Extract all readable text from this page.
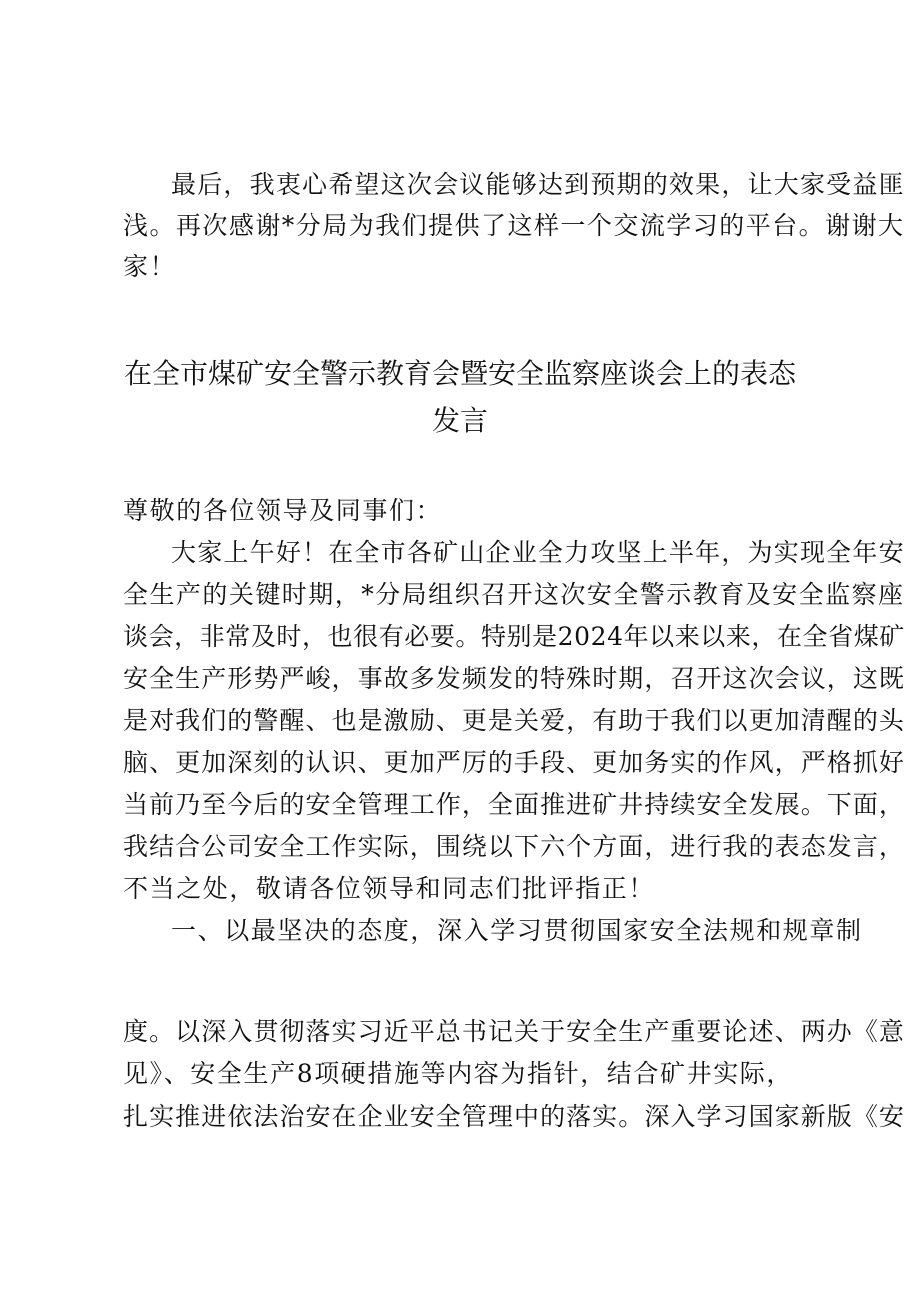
最后，我衷心希望这次会议能够达到预期的效果，让大家受益匪
浅。再次感谢*分局为我们提供了这样一个交流学习的平台。谢谢大
家！
在全市煤矿安全警示教育会暨安全监察座谈会上的表态
发言
尊敬的各位领导及同事们：
大家上午好！在全市各矿山企业全力攻坚上半年，为实现全年安
全生产的关键时期，*分局组织召开这次安全警示教育及安全监察座
谈会，非常及时，也很有必要。特别是2024年以来以来，在全省煤矿
安全生产形势严峻，事故多发频发的特殊时期，召开这次会议，这既
是对我们的警醒、也是激励、更是关爱，有助于我们以更加清醒的头
脑、更加深刻的认识、更加严厉的手段、更加务实的作风，严格抓好
当前乃至今后的安全管理工作，全面推进矿井持续安全发展。下面，
我结合公司安全工作实际，围绕以下六个方面，进行我的表态发言，
不当之处，敬请各位领导和同志们批评指正！
一、以最坚决的态度，深入学习贯彻国家安全法规和规章制
度。以深入贯彻落实习近平总书记关于安全生产重要论述、两办《意
见》、安全生产8项硬措施等内容为指针，结合矿井实际，
扎实推进依法治安在企业安全管理中的落实。深入学习国家新版《安
